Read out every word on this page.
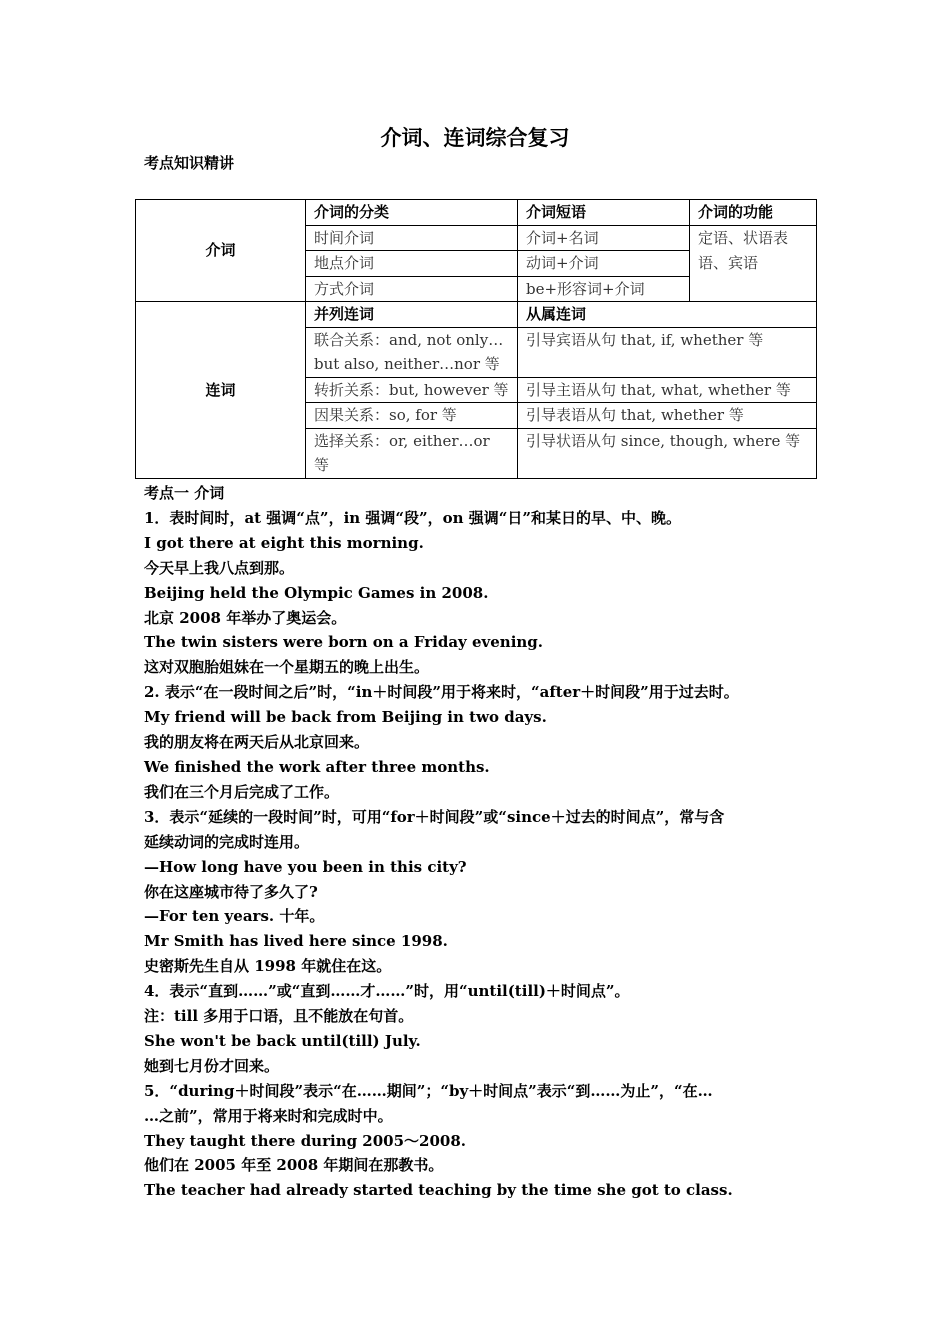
介词、连词综合复习
考点知识精讲
介词	介词的分类	介词短语	介词的功能
	时间介词	介词+名词	定语、状语表语、宾语
	地点介词	动词+介词	
	方式介词	be+形容词+介词	
连词	并列连词	从属连词	
	联合关系：and, not only…but also, neither…nor 等	引导宾语从句 that, if, whether 等	
	转折关系：but, however 等	引导主语从句 that, what, whether 等	
	因果关系：so, for 等	引导表语从句 that, whether 等	
	选择关系：or, either…or 等	引导状语从句 since, though, where 等	
考点一 介词
1．表时间时，at 强调“点”，in 强调“段”，on 强调“日”和某日的早、中、晚。
I got there at eight this morning.
今天早上我八点到那。
Beijing held the Olympic Games in 2008.
北京 2008 年举办了奥运会。
The twin sisters were born on a Friday evening.
这对双胞胎姐妹在一个星期五的晚上出生。
2. 表示“在一段时间之后”时，“in＋时间段”用于将来时，“after＋时间段”用于过去时。
My friend will be back from Beijing in two days.
我的朋友将在两天后从北京回来。
We finished the work after three months.
我们在三个月后完成了工作。
3．表示“延续的一段时间”时，可用“for＋时间段”或“since＋过去的时间点”，常与含
延续动词的完成时连用。
—How long have you been in this city?
你在这座城市待了多久了?
—For ten years. 十年。
Mr Smith has lived here since 1998.
史密斯先生自从 1998 年就住在这。
4．表示“直到……”或“直到……才……”时，用“until(till)＋时间点”。
注：till 多用于口语，且不能放在句首。
She won't be back until(till) July.
她到七月份才回来。
5．“during＋时间段”表示“在……期间”；“by＋时间点”表示“到……为止”，“在…
…之前”，常用于将来时和完成时中。
They taught there during 2005～2008.
他们在 2005 年至 2008 年期间在那教书。
The teacher had already started teaching by the time she got to class.
